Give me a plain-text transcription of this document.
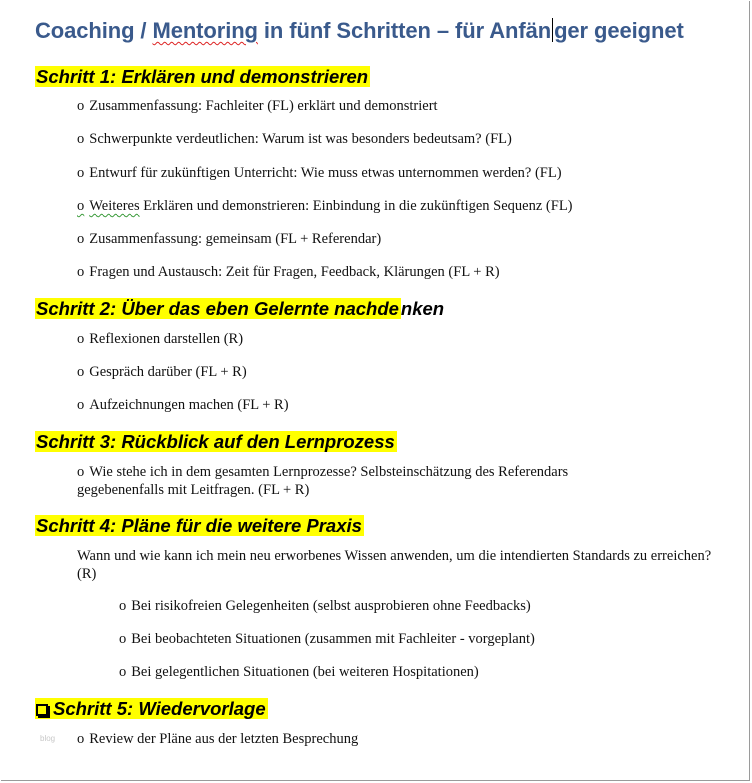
Coaching / Mentoring in fünf Schritten – für Anfän ger geeignet
Schritt 1: Erklären und demonstrieren
o Zusammenfassung: Fachleiter (FL) erklärt und demonstriert
o Schwerpunkte verdeutlichen: Warum ist was besonders bedeutsam? (FL)
o Entwurf für zukünftigen Unterricht: Wie muss etwas unternommen werden? (FL)
o Weiteres Erklären und demonstrieren: Einbindung in die zukünftigen Sequenz (FL)
o Zusammenfassung: gemeinsam (FL + Referendar)
o Fragen und Austausch: Zeit für Fragen, Feedback, Klärungen (FL + R)
Schritt 2: Über das eben Gelernte nachde nken
o Reflexionen darstellen (R)
o Gespräch darüber (FL + R)
o Aufzeichnungen machen (FL + R)
Schritt 3: Rückblick auf den Lernprozess
o Wie stehe ich in dem gesamten Lernprozesse? Selbsteinschätzung des Referendars gegebenenfalls mit Leitfragen. (FL + R)
Schritt 4: Pläne für die weitere Praxis
Wann und wie kann ich mein neu erworbenes Wissen anwenden, um die intendierten Standards zu erreichen? (R)
o Bei risikofreien Gelegenheiten (selbst ausprobieren ohne Feedbacks)
o Bei beobachteten Situationen (zusammen mit Fachleiter - vorgeplant)
o Bei gelegentlichen Situationen (bei weiteren Hospitationen)
Schritt 5: Wiedervorlage
blog o Review der Pläne aus der letzten Besprechung
